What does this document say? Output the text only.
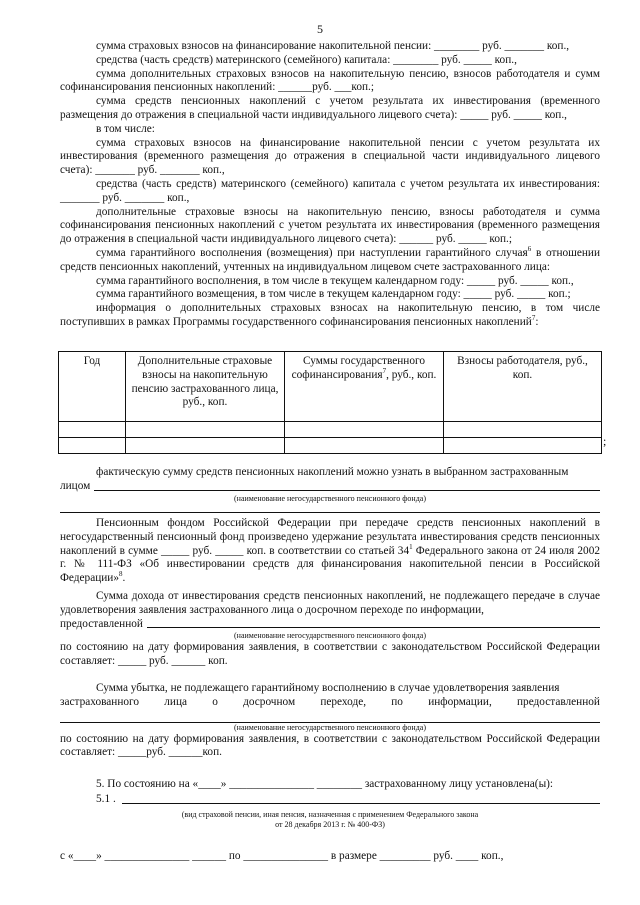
5

сумма страховых взносов на финансирование накопительной пенсии: ________ руб. _______ коп.,

средства (часть средств) материнского (семейного) капитала: ________ руб. _____ коп.,

сумма дополнительных страховых взносов на накопительную пенсию, взносов работодателя и сумм софинансирования пенсионных накоплений: ______руб. ___коп.;

сумма средств пенсионных накоплений с учетом результата их инвестирования (временного размещения до отражения в специальной части индивидуального лицевого счета): _____ руб. _____ коп.,

в том числе:

сумма страховых взносов на финансирование накопительной пенсии с учетом результата их инвестирования (временного размещения до отражения в специальной части индивидуального лицевого счета): _______ руб. _______ коп.,

средства (часть средств) материнского (семейного) капитала с учетом результата их инвестирования: _______ руб. _______ коп.,

дополнительные страховые взносы на накопительную пенсию, взносы работодателя и сумма софинансирования пенсионных накоплений с учетом результата их инвестирования (временного размещения до отражения в специальной части индивидуального лицевого счета): ______ руб. _____ коп.;

сумма гарантийного восполнения (возмещения) при наступлении гарантийного случая$^6$ в отношении средств пенсионных накоплений, учтенных на индивидуальном лицевом счете застрахованного лица:

сумма гарантийного восполнения, в том числе в текущем календарном году: _____ руб. _____ коп.,

сумма гарантийного возмещения, в том числе в текущем календарном году: _____ руб. _____ коп.;

информация о дополнительных страховых взносах на накопительную пенсию, в том числе поступивших в рамках Программы государственного софинансирования пенсионных накоплений$^7$:

Год	Дополнительные страховые взносы на накопительную пенсию застрахованного лица, руб., коп.	Суммы государственного софинансирования$^7$, руб., коп.	Взносы работодателя, руб., коп.

;

фактическую сумму средств пенсионных накоплений можно узнать в выбранном застрахованным

лицом
(наименование негосударственного пенсионного фонда)

Пенсионным фондом Российской Федерации при передаче средств пенсионных накоплений в негосударственный пенсионный фонд произведено удержание результата инвестирования средств пенсионных накоплений в сумме _____ руб. _____ коп. в соответствии со статьей $34^1$ Федерального закона от 24 июля 2002 г. № 111-ФЗ «Об инвестировании средств для финансирования накопительной пенсии в Российской Федерации»$^8$.

Сумма дохода от инвестирования средств пенсионных накоплений, не подлежащего передаче в случае удовлетворения заявления застрахованного лица о досрочном переходе по информации,

предоставленной
(наименование негосударственного пенсионного фонда)

по состоянию на дату формирования заявления, в соответствии с законодательством Российской Федерации составляет: _____ руб. ______ коп.

Сумма убытка, не подлежащего гарантийному восполнению в случае удовлетворения заявления

застрахованного лица о досрочном переходе, по информации, предоставленной
(наименование негосударственного пенсионного фонда)

по состоянию на дату формирования заявления, в соответствии с законодательством Российской Федерации составляет: _____руб. ______коп.

5. По состоянию на «____» _______________ ________ застрахованному лицу установлена(ы):

5.1 .
(вид страховой пенсии, иная пенсия, назначенная с применением Федерального закона
от 28 декабря 2013 г. № 400-ФЗ)

с «____» _______________ ______ по _______________ в размере _________ руб. ____ коп.,
